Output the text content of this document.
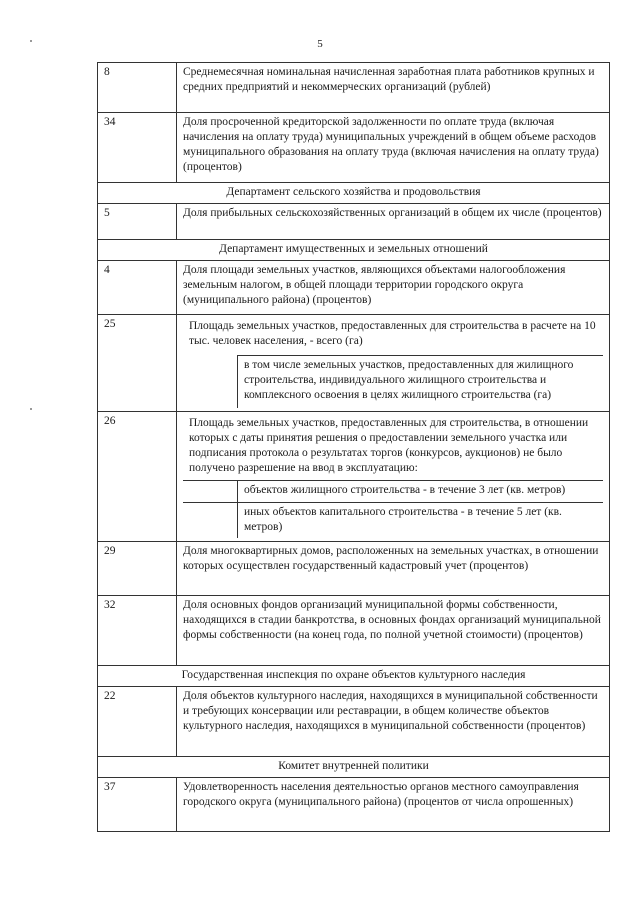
5
8	Среднемесячная номинальная начисленная заработная плата работников крупных и средних предприятий и некоммерческих организаций (рублей)
34	Доля просроченной кредиторской задолженности по оплате труда (включая начисления на оплату труда) муниципальных учреждений в общем объеме расходов муниципального образования на оплату труда (включая начисления на оплату труда) (процентов)
Департамент сельского хозяйства и продовольствия
5	Доля прибыльных сельскохозяйственных организаций в общем их числе (процентов)
Департамент имущественных и земельных отношений
4	Доля площади земельных участков, являющихся объектами налогообложения земельным налогом, в общей площади территории городского округа (муниципального района) (процентов)
25	Площадь земельных участков, предоставленных для строительства в расчете на 10 тыс. человек населения, - всего (га)
	в том числе земельных участков, предоставленных для жилищного строительства, индивидуального жилищного строительства и комплексного освоения в целях жилищного строительства (га)

26	Площадь земельных участков, предоставленных для строительства, в отношении которых с даты принятия решения о предоставлении земельного участка или подписания протокола о результатах торгов (конкурсов, аукционов) не было получено разрешение на ввод в эксплуатацию:
	объектов жилищного строительства - в течение 3 лет (кв. метров)
	иных объектов капитального строительства - в течение 5 лет (кв. метров)

29	Доля многоквартирных домов, расположенных на земельных участках, в отношении которых осуществлен государственный кадастровый учет (процентов)
32	Доля основных фондов организаций муниципальной формы собственности, находящихся в стадии банкротства, в основных фондах организаций муниципальной формы собственности (на конец года, по полной учетной стоимости) (процентов)
Государственная инспекция по охране объектов культурного наследия
22	Доля объектов культурного наследия, находящихся в муниципальной собственности и требующих консервации или реставрации, в общем количестве объектов культурного наследия, находящихся в муниципальной собственности (процентов)
Комитет внутренней политики
37	Удовлетворенность населения деятельностью органов местного самоуправления городского округа (муниципального района) (процентов от числа опрошенных)
